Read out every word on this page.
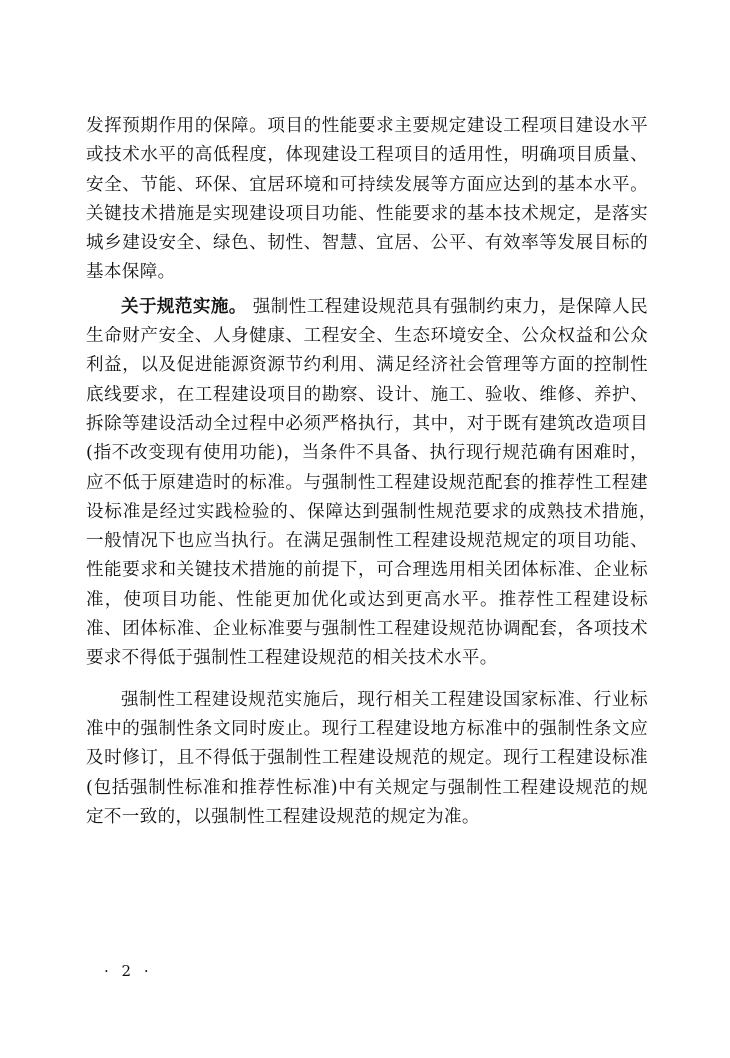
发挥预期作用的保障。项目的性能要求主要规定建设工程项目建设水平或技术水平的高低程度，体现建设工程项目的适用性，明确项目质量、安全、节能、环保、宜居环境和可持续发展等方面应达到的基本水平。关键技术措施是实现建设项目功能、性能要求的基本技术规定，是落实城乡建设安全、绿色、韧性、智慧、宜居、公平、有效率等发展目标的基本保障。

关于规范实施。 强制性工程建设规范具有强制约束力，是保障人民生命财产安全、人身健康、工程安全、生态环境安全、公众权益和公众利益，以及促进能源资源节约利用、满足经济社会管理等方面的控制性底线要求，在工程建设项目的勘察、设计、施工、验收、维修、养护、拆除等建设活动全过程中必须严格执行，其中，对于既有建筑改造项目(指不改变现有使用功能)，当条件不具备、执行现行规范确有困难时，应不低于原建造时的标准。与强制性工程建设规范配套的推荐性工程建设标准是经过实践检验的、保障达到强制性规范要求的成熟技术措施，　一般情况下也应当执行。在满足强制性工程建设规范规定的项目功能、性能要求和关键技术措施的前提下，可合理选用相关团体标准、企业标准，使项目功能、性能更加优化或达到更高水平。推荐性工程建设标准、团体标准、企业标准要与强制性工程建设规范协调配套，各项技术要求不得低于强制性工程建设规范的相关技术水平。

强制性工程建设规范实施后，现行相关工程建设国家标准、行业标准中的强制性条文同时废止。现行工程建设地方标准中的强制性条文应及时修订，且不得低于强制性工程建设规范的规定。现行工程建设标准(包括强制性标准和推荐性标准)中有关规定与强制性工程建设规范的规定不一致的，以强制性工程建设规范的规定为准。

· 2 ·
